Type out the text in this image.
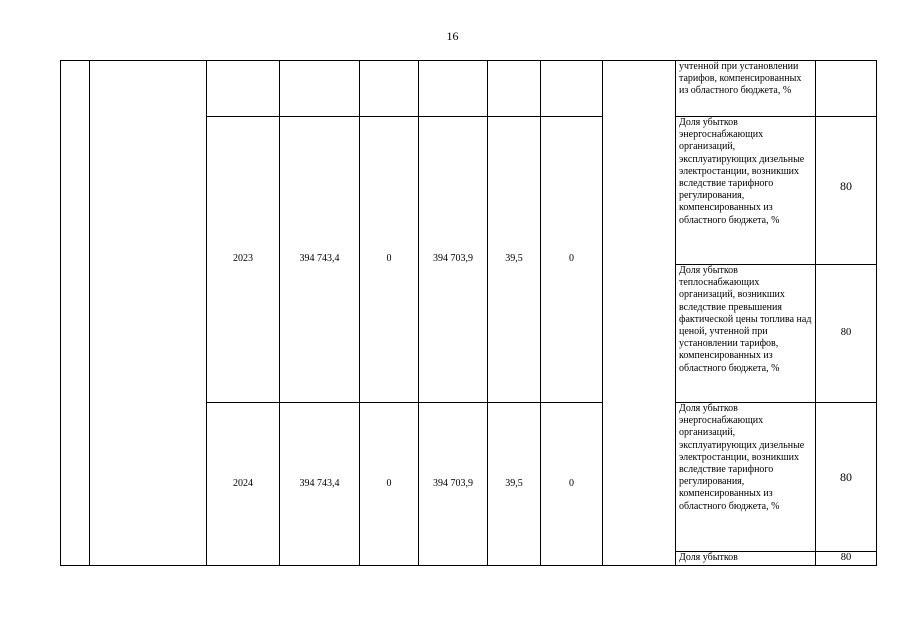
16
									учтенной при установлении тарифов, компенсированных из областного бюджета, %	
		2023	394 743,4	0	394 703,9	39,5	0		Доля убытков энергоснабжающих организаций, эксплуатирующих дизельные электростанции, возникших вследствие тарифного регулирования, компенсированных из областного бюджета, %	80
									Доля убытков теплоснабжающих организаций, возникших вследствие превышения фактической цены топлива над ценой, учтенной при установлении тарифов, компенсированных из областного бюджета, %	80
		2024	394 743,4	0	394 703,9	39,5	0		Доля убытков энергоснабжающих организаций, эксплуатирующих дизельные электростанции, возникших вследствие тарифного регулирования, компенсированных из областного бюджета, %	80
									Доля убытков	80
